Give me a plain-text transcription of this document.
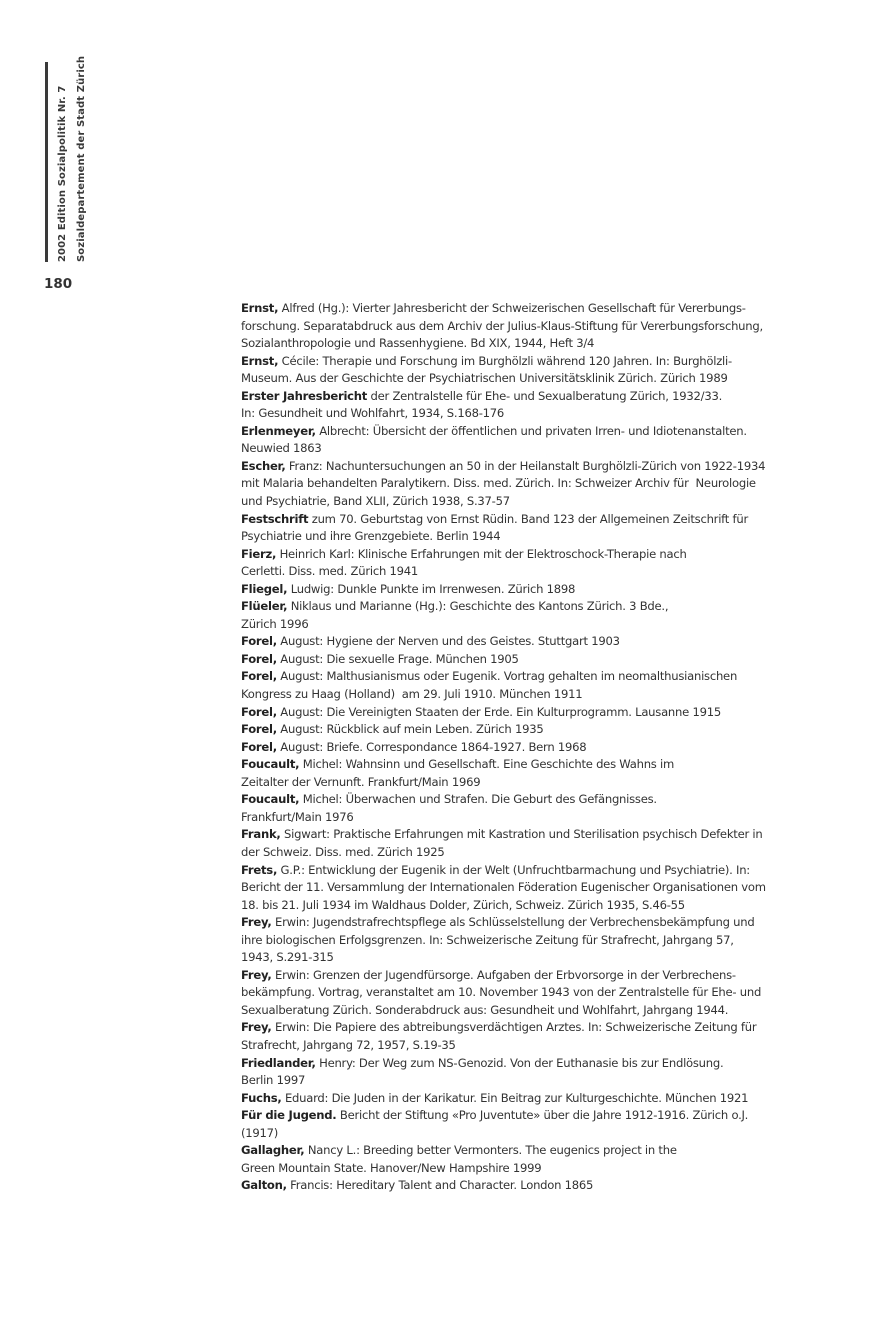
2002 Edition Sozialpolitik Nr. 7 Sozialdepartement der Stadt Zürich
180
Ernst, Alfred (Hg.): Vierter Jahresbericht der Schweizerischen Gesellschaft für Vererbungs-
forschung. Separatabdruck aus dem Archiv der Julius-Klaus-Stiftung für Vererbungsforschung,
Sozialanthropologie und Rassenhygiene. Bd XIX, 1944, Heft 3/4
Ernst, Cécile: Therapie und Forschung im Burghölzli während 120 Jahren. In: Burghölzli-
Museum. Aus der Geschichte der Psychiatrischen Universitätsklinik Zürich. Zürich 1989
Erster Jahresbericht der Zentralstelle für Ehe- und Sexualberatung Zürich, 1932/33.
In: Gesundheit und Wohlfahrt, 1934, S.168-176
Erlenmeyer, Albrecht: Übersicht der öffentlichen und privaten Irren- und Idiotenanstalten.
Neuwied 1863
Escher, Franz: Nachuntersuchungen an 50 in der Heilanstalt Burghölzli-Zürich von 1922-1934
mit Malaria behandelten Paralytikern. Diss. med. Zürich. In: Schweizer Archiv für  Neurologie
und Psychiatrie, Band XLII, Zürich 1938, S.37-57
Festschrift zum 70. Geburtstag von Ernst Rüdin. Band 123 der Allgemeinen Zeitschrift für
Psychiatrie und ihre Grenzgebiete. Berlin 1944
Fierz, Heinrich Karl: Klinische Erfahrungen mit der Elektroschock-Therapie nach
Cerletti. Diss. med. Zürich 1941
Fliegel, Ludwig: Dunkle Punkte im Irrenwesen. Zürich 1898
Flüeler, Niklaus und Marianne (Hg.): Geschichte des Kantons Zürich. 3 Bde.,
Zürich 1996
Forel, August: Hygiene der Nerven und des Geistes. Stuttgart 1903
Forel, August: Die sexuelle Frage. München 1905
Forel, August: Malthusianismus oder Eugenik. Vortrag gehalten im neomalthusianischen
Kongress zu Haag (Holland)  am 29. Juli 1910. München 1911
Forel, August: Die Vereinigten Staaten der Erde. Ein Kulturprogramm. Lausanne 1915
Forel, August: Rückblick auf mein Leben. Zürich 1935
Forel, August: Briefe. Correspondance 1864-1927. Bern 1968
Foucault, Michel: Wahnsinn und Gesellschaft. Eine Geschichte des Wahns im
Zeitalter der Vernunft. Frankfurt/Main 1969
Foucault, Michel: Überwachen und Strafen. Die Geburt des Gefängnisses.
Frankfurt/Main 1976
Frank, Sigwart: Praktische Erfahrungen mit Kastration und Sterilisation psychisch Defekter in
der Schweiz. Diss. med. Zürich 1925
Frets, G.P.: Entwicklung der Eugenik in der Welt (Unfruchtbarmachung und Psychiatrie). In:
Bericht der 11. Versammlung der Internationalen Föderation Eugenischer Organisationen vom
18. bis 21. Juli 1934 im Waldhaus Dolder, Zürich, Schweiz. Zürich 1935, S.46-55
Frey, Erwin: Jugendstrafrechtspflege als Schlüsselstellung der Verbrechensbekämpfung und
ihre biologischen Erfolgsgrenzen. In: Schweizerische Zeitung für Strafrecht, Jahrgang 57,
1943, S.291-315
Frey, Erwin: Grenzen der Jugendfürsorge. Aufgaben der Erbvorsorge in der Verbrechens-
bekämpfung. Vortrag, veranstaltet am 10. November 1943 von der Zentralstelle für Ehe- und
Sexualberatung Zürich. Sonderabdruck aus: Gesundheit und Wohlfahrt, Jahrgang 1944.
Frey, Erwin: Die Papiere des abtreibungsverdächtigen Arztes. In: Schweizerische Zeitung für
Strafrecht, Jahrgang 72, 1957, S.19-35
Friedlander, Henry: Der Weg zum NS-Genozid. Von der Euthanasie bis zur Endlösung.
Berlin 1997
Fuchs, Eduard: Die Juden in der Karikatur. Ein Beitrag zur Kulturgeschichte. München 1921
Für die Jugend. Bericht der Stiftung «Pro Juventute» über die Jahre 1912-1916. Zürich o.J.
(1917)
Gallagher, Nancy L.: Breeding better Vermonters. The eugenics project in the
Green Mountain State. Hanover/New Hampshire 1999
Galton, Francis: Hereditary Talent and Character. London 1865
